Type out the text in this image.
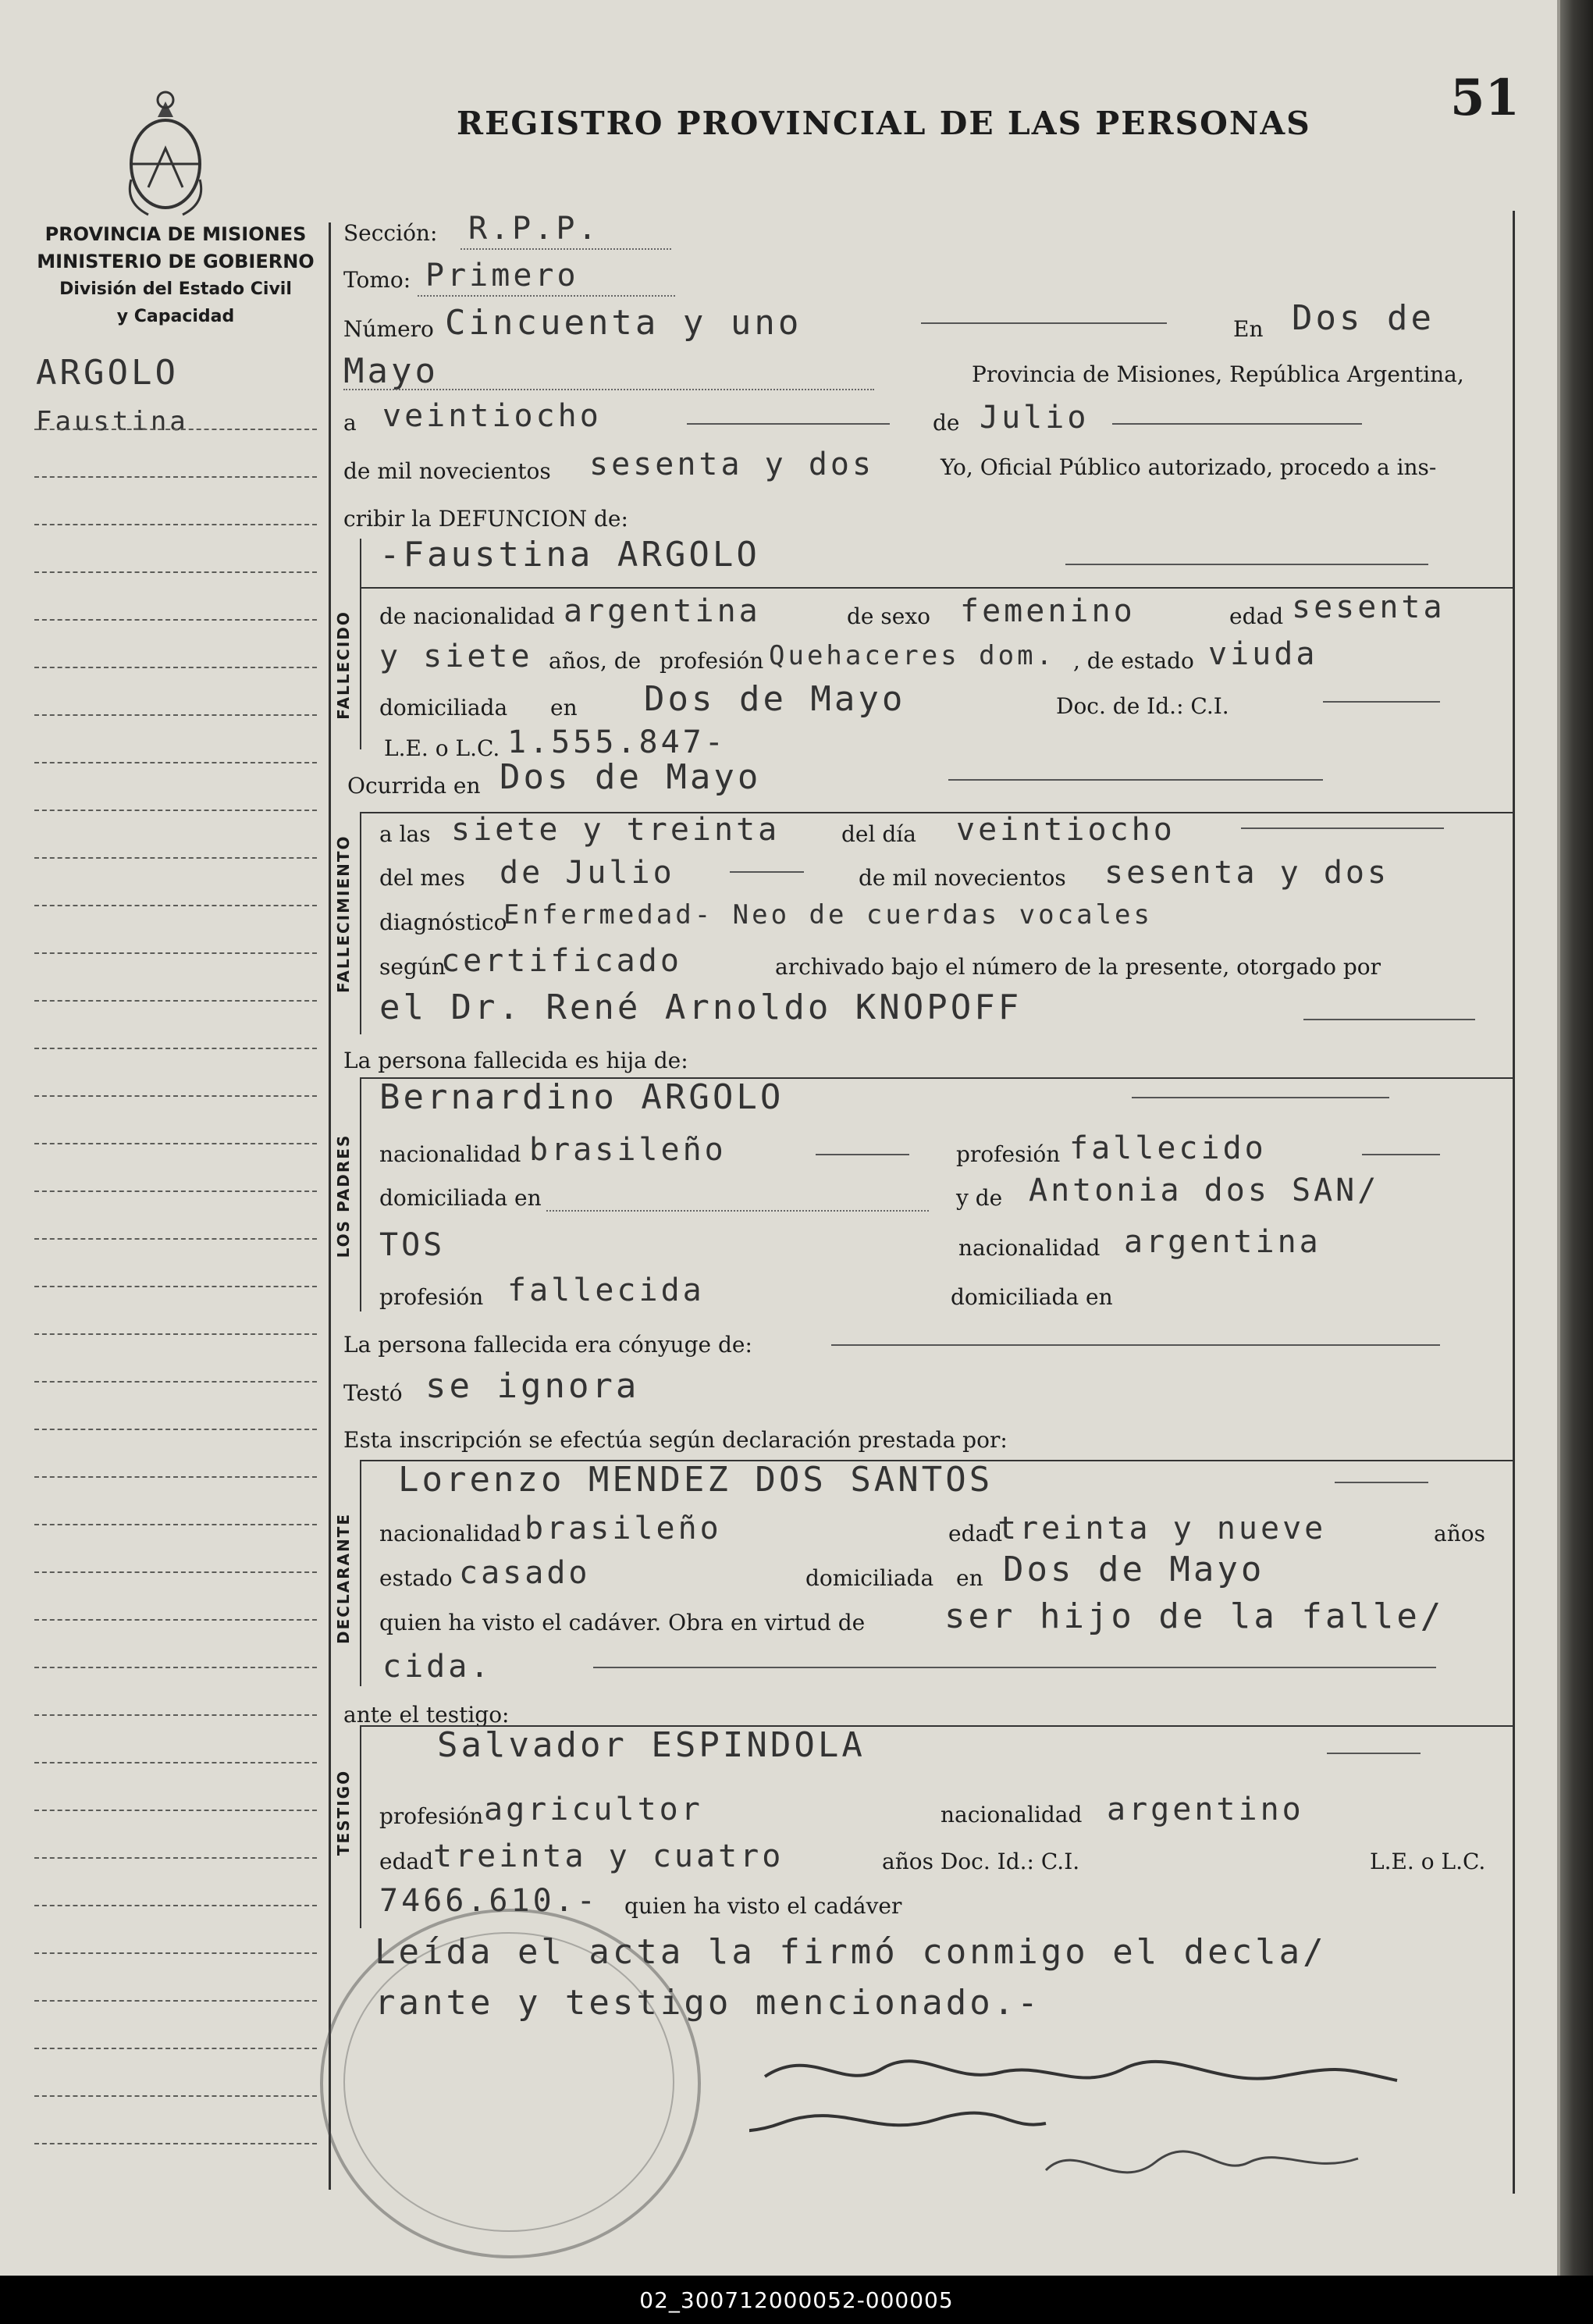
REGISTRO PROVINCIAL DE LAS PERSONAS	51
PROVINCIA DE MISIONES
MINISTERIO DE GOBIERNO
División del Estado Civil
y Capacidad
ARGOLO
Faustina
Sección: R.P.P.
Tomo: Primero
Número Cincuenta y uno	En Dos de
Mayo	Provincia de Misiones, República Argentina,
a veintiocho	de Julio
de mil novecientos sesenta y dos	Yo, Oficial Público autorizado, procedo a ins-
cribir la DEFUNCION de:
FALLECIDO
-Faustina ARGOLO
de nacionalidad argentina	de sexo femenino	edad sesenta
y siete años, de profesión Quehaceres dom. , de estado viuda
domiciliada en Dos de Mayo	Doc. de Id.: C.I.
L.E. o L.C. 1.555.847-
Ocurrida en Dos de Mayo
FALLECIMIENTO
a las siete y treinta	del día veintiocho
del mes de Julio	de mil novecientos sesenta y dos
diagnóstico
Enfermedad- Neo de cuerdas vocales
según
certificado	archivado bajo el número de la presente, otorgado por
el Dr. René Arnoldo KNOPOFF
La persona fallecida es hija de:
LOS PADRES
Bernardino ARGOLO
nacionalidad brasileño	profesión fallecido
domiciliada en	y de Antonia dos SAN/
TOS	nacionalidad argentina
profesión fallecida	domiciliada en
La persona fallecida era cónyuge de:
Testó se ignora
Esta inscripción se efectúa según declaración prestada por:
DECLARANTE
Lorenzo MENDEZ DOS SANTOS
nacionalidad brasileño	edad
treinta y nueve	años
estado casado	domiciliada en Dos de Mayo
quien ha visto el cadáver. Obra en virtud de ser hijo de la falle/
cida.
ante el testigo:
TESTIGO
Salvador ESPINDOLA
profesión agricultor	nacionalidad argentino
edad treinta y cuatro	años Doc. Id.: C.I.	L.E. o L.C.
7466.610.- quien ha visto el cadáver
Leída el acta la firmó conmigo el decla/
rante y testigo mencionado.-
02_300712000052-000005
